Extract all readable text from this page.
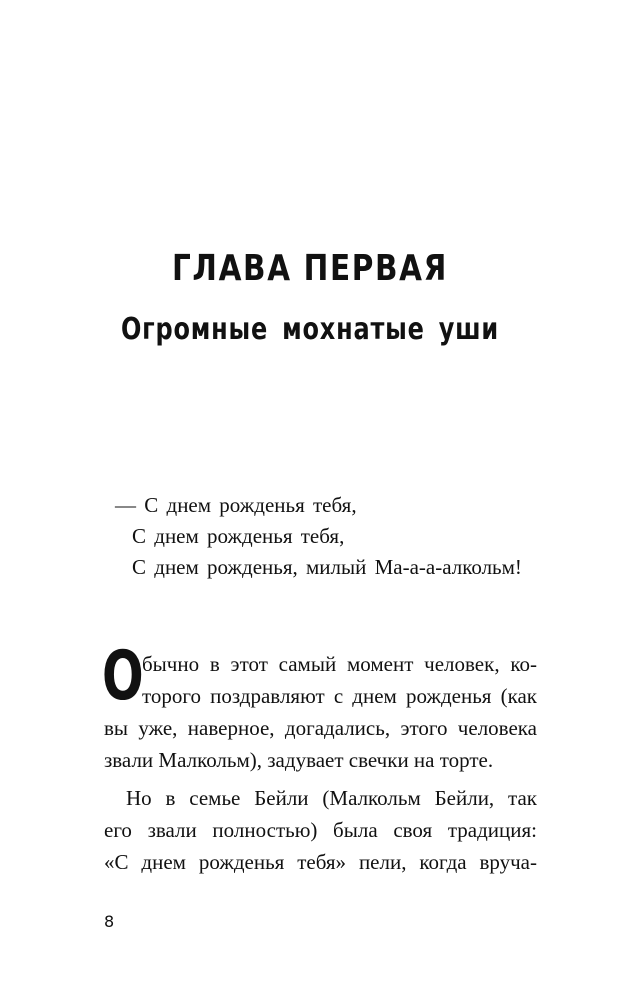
ГЛАВА ПЕРВАЯ
Огромные мохнатые уши
— С днем рожденья тебя,
С днем рожденья тебя,
С днем рожденья, милый Ма-а-а-алкольм!

О
бычно в этот самый момент человек, ко-
торого поздравляют с днем рожденья (как
вы уже, наверное, догадались, этого человека
звали Малкольм), задувает свечки на торте.

Но в семье Бейли (Малкольм Бейли, так
его звали полностью) была своя традиция:
«С днем рожденья тебя» пели, когда вруча-

8
